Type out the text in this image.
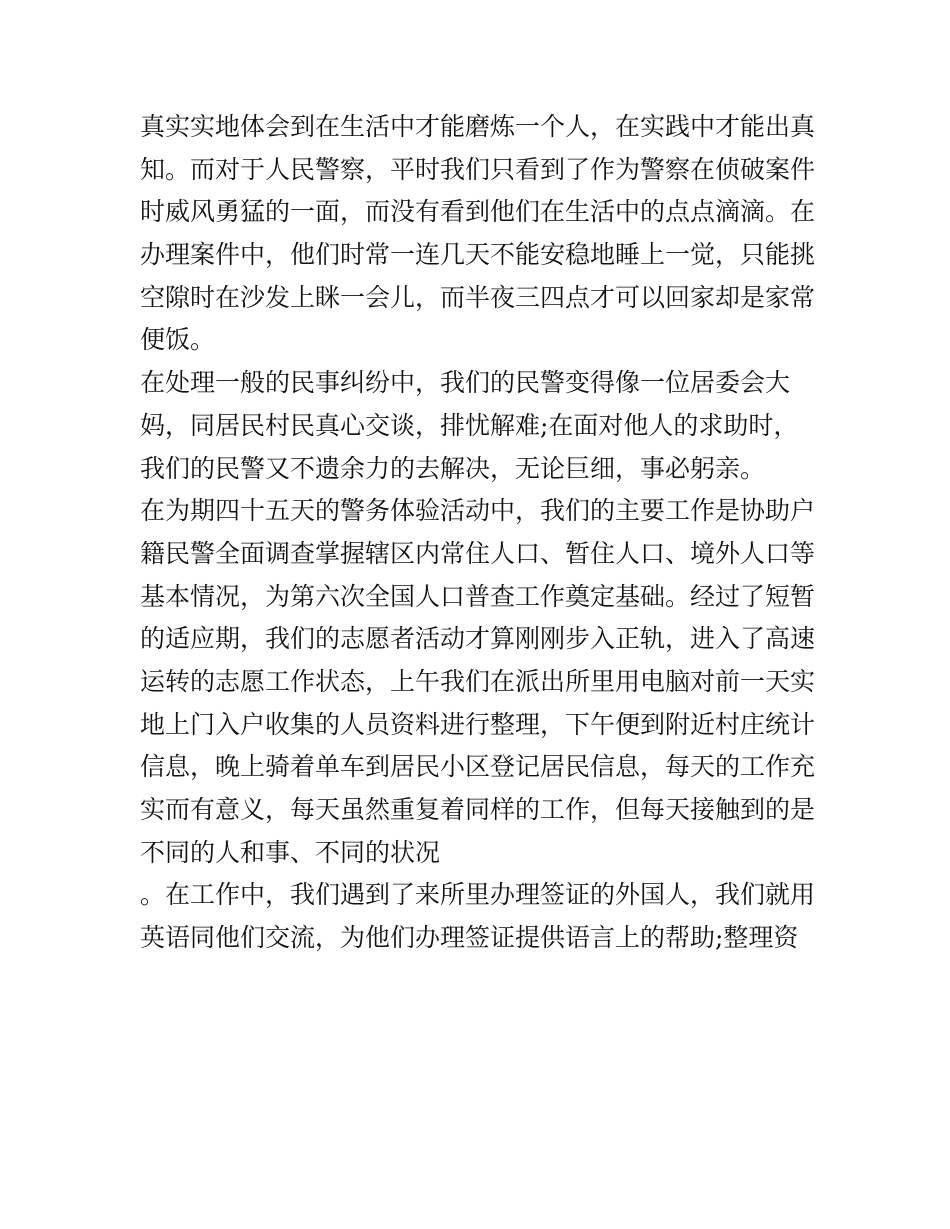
真实实地体会到在生活中才能磨炼一个人，在实践中才能出真
知。而对于人民警察，平时我们只看到了作为警察在侦破案件
时威风勇猛的一面，而没有看到他们在生活中的点点滴滴。在
办理案件中，他们时常一连几天不能安稳地睡上一觉，只能挑
空隙时在沙发上眯一会儿，而半夜三四点才可以回家却是家常
便饭。
在处理一般的民事纠纷中，我们的民警变得像一位居委会大
妈，同居民村民真心交谈，排忧解难;在面对他人的求助时，
我们的民警又不遗余力的去解决，无论巨细，事必躬亲。
在为期四十五天的警务体验活动中，我们的主要工作是协助户
籍民警全面调查掌握辖区内常住人口、暂住人口、境外人口等
基本情况，为第六次全国人口普查工作奠定基础。经过了短暂
的适应期，我们的志愿者活动才算刚刚步入正轨，进入了高速
运转的志愿工作状态，上午我们在派出所里用电脑对前一天实
地上门入户收集的人员资料进行整理，下午便到附近村庄统计
信息，晚上骑着单车到居民小区登记居民信息，每天的工作充
实而有意义，每天虽然重复着同样的工作，但每天接触到的是
不同的人和事、不同的状况
。在工作中，我们遇到了来所里办理签证的外国人，我们就用
英语同他们交流，为他们办理签证提供语言上的帮助;整理资
